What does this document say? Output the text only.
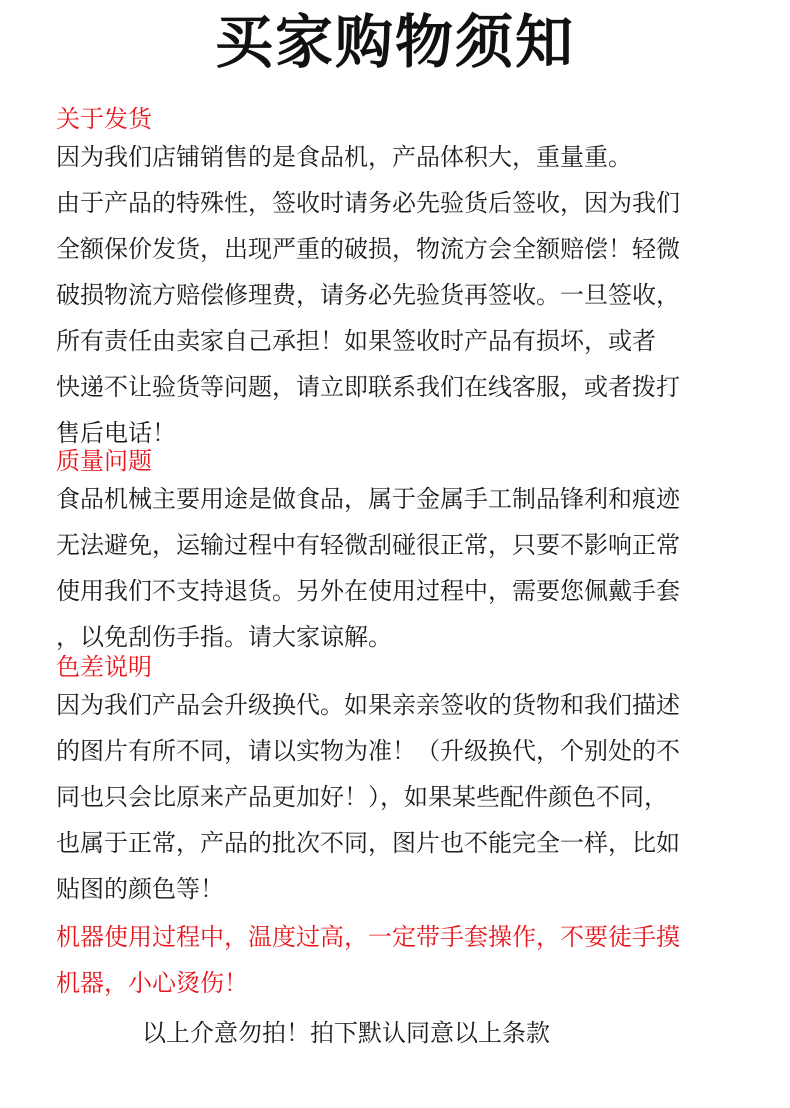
买家购物须知
关于发货
因为我们店铺销售的是食品机，产品体积大，重量重。
由于产品的特殊性，签收时请务必先验货后签收，因为我们
全额保价发货，出现严重的破损，物流方会全额赔偿！轻微
破损物流方赔偿修理费，请务必先验货再签收。一旦签收，
所有责任由卖家自己承担！如果签收时产品有损坏，或者
快递不让验货等问题，请立即联系我们在线客服，或者拨打
售后电话！
质量问题
食品机械主要用途是做食品，属于金属手工制品锋利和痕迹
无法避免，运输过程中有轻微刮碰很正常，只要不影响正常
使用我们不支持退货。另外在使用过程中，需要您佩戴手套
，以免刮伤手指。请大家谅解。
色差说明
因为我们产品会升级换代。如果亲亲签收的货物和我们描述
的图片有所不同，请以实物为准！（升级换代，个别处的不
同也只会比原来产品更加好！），如果某些配件颜色不同，
也属于正常，产品的批次不同，图片也不能完全一样，比如
贴图的颜色等！
机器使用过程中，温度过高，一定带手套操作，不要徒手摸
机器，小心烫伤！
以上介意勿拍！拍下默认同意以上条款
